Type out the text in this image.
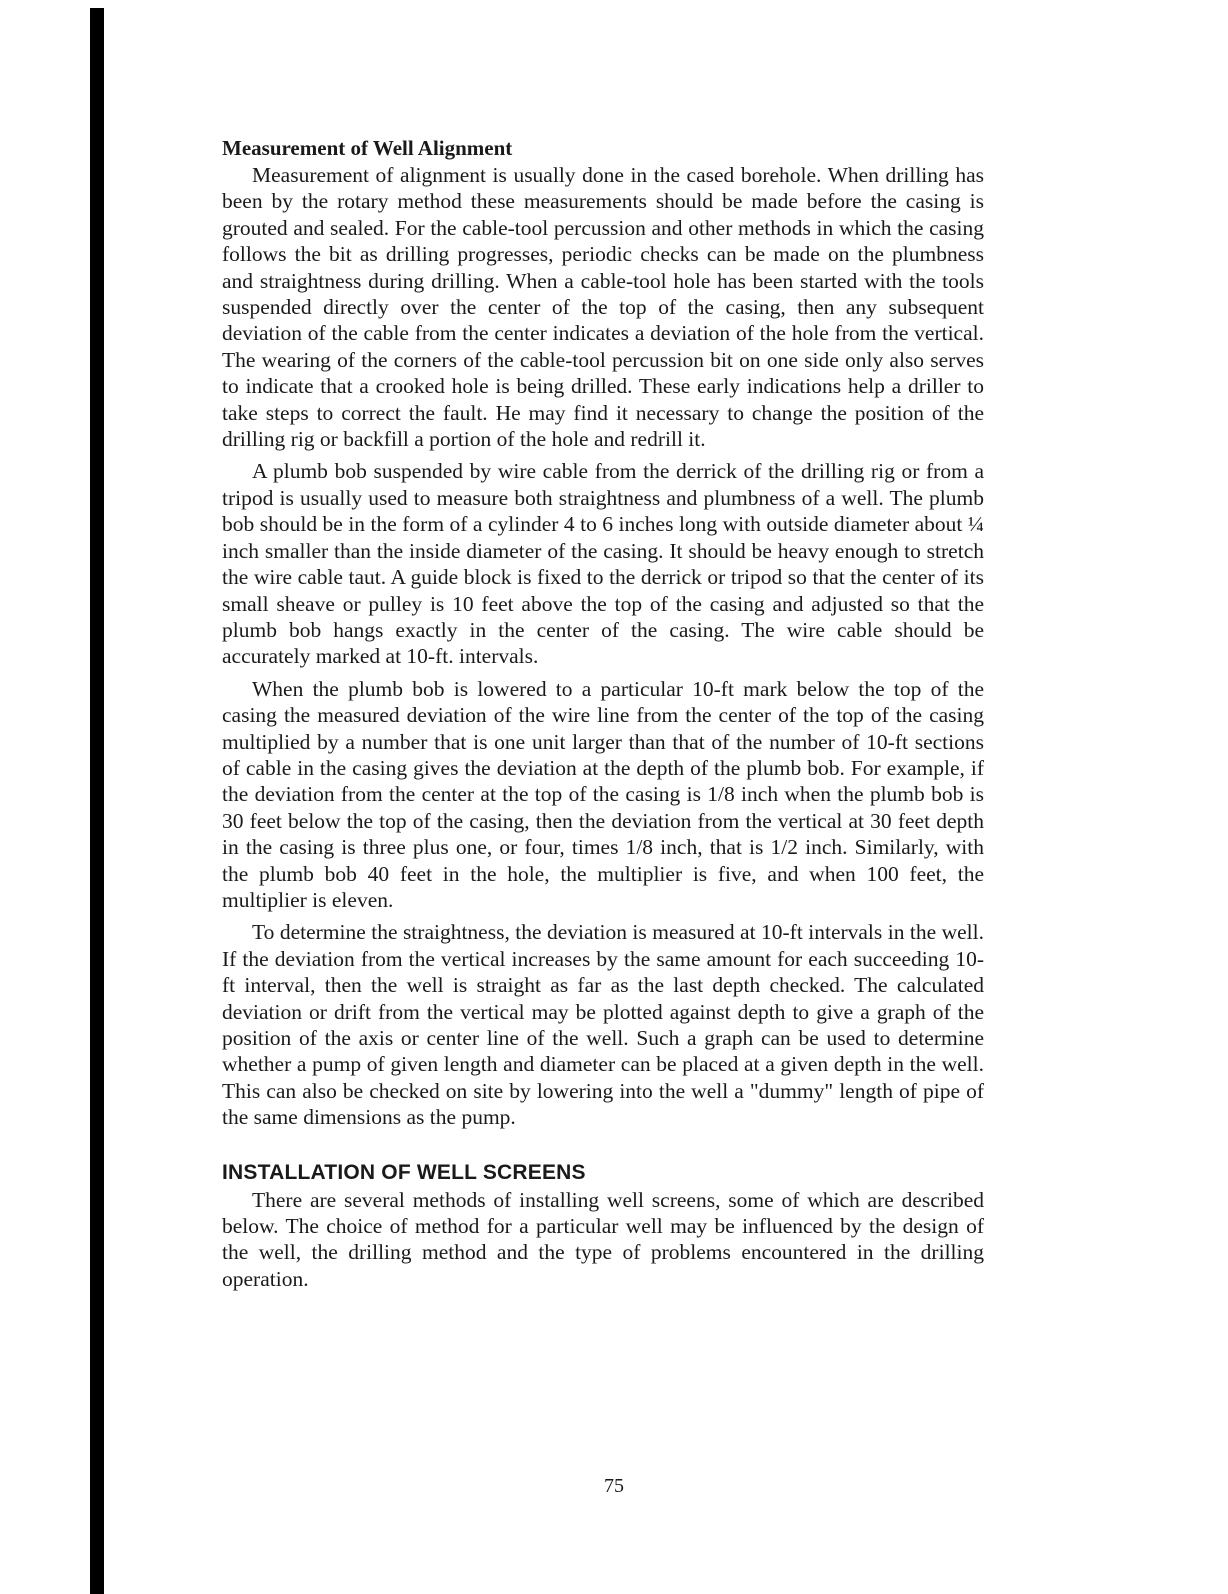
Measurement of Well Alignment

Measurement of alignment is usually done in the cased borehole. When drilling has been by the rotary method these measurements should be made before the casing is grouted and sealed. For the cable-tool percussion and other methods in which the casing follows the bit as drilling progresses, periodic checks can be made on the plumbness and straightness during drilling. When a cable-tool hole has been started with the tools suspended directly over the center of the top of the casing, then any subsequent deviation of the cable from the center indicates a deviation of the hole from the vertical. The wearing of the corners of the cable-tool percussion bit on one side only also serves to indicate that a crooked hole is being drilled. These early indications help a driller to take steps to correct the fault. He may find it necessary to change the position of the drilling rig or backfill a portion of the hole and redrill it.

A plumb bob suspended by wire cable from the derrick of the drilling rig or from a tripod is usually used to measure both straightness and plumbness of a well. The plumb bob should be in the form of a cylinder 4 to 6 inches long with outside diameter about ¼ inch smaller than the inside diameter of the casing. It should be heavy enough to stretch the wire cable taut. A guide block is fixed to the derrick or tripod so that the center of its small sheave or pulley is 10 feet above the top of the casing and adjusted so that the plumb bob hangs exactly in the center of the casing. The wire cable should be accurately marked at 10-ft. intervals.

When the plumb bob is lowered to a particular 10-ft mark below the top of the casing the measured deviation of the wire line from the center of the top of the casing multiplied by a number that is one unit larger than that of the number of 10-ft sections of cable in the casing gives the deviation at the depth of the plumb bob. For example, if the deviation from the center at the top of the casing is 1/8 inch when the plumb bob is 30 feet below the top of the casing, then the deviation from the vertical at 30 feet depth in the casing is three plus one, or four, times 1/8 inch, that is 1/2 inch. Similarly, with the plumb bob 40 feet in the hole, the multiplier is five, and when 100 feet, the multiplier is eleven.

To determine the straightness, the deviation is measured at 10-ft intervals in the well. If the deviation from the vertical increases by the same amount for each succeeding 10-ft interval, then the well is straight as far as the last depth checked. The calculated deviation or drift from the vertical may be plotted against depth to give a graph of the position of the axis or center line of the well. Such a graph can be used to determine whether a pump of given length and diameter can be placed at a given depth in the well. This can also be checked on site by lowering into the well a "dummy" length of pipe of the same dimensions as the pump.

INSTALLATION OF WELL SCREENS

There are several methods of installing well screens, some of which are described below. The choice of method for a particular well may be influenced by the design of the well, the drilling method and the type of problems encountered in the drilling operation.

75
